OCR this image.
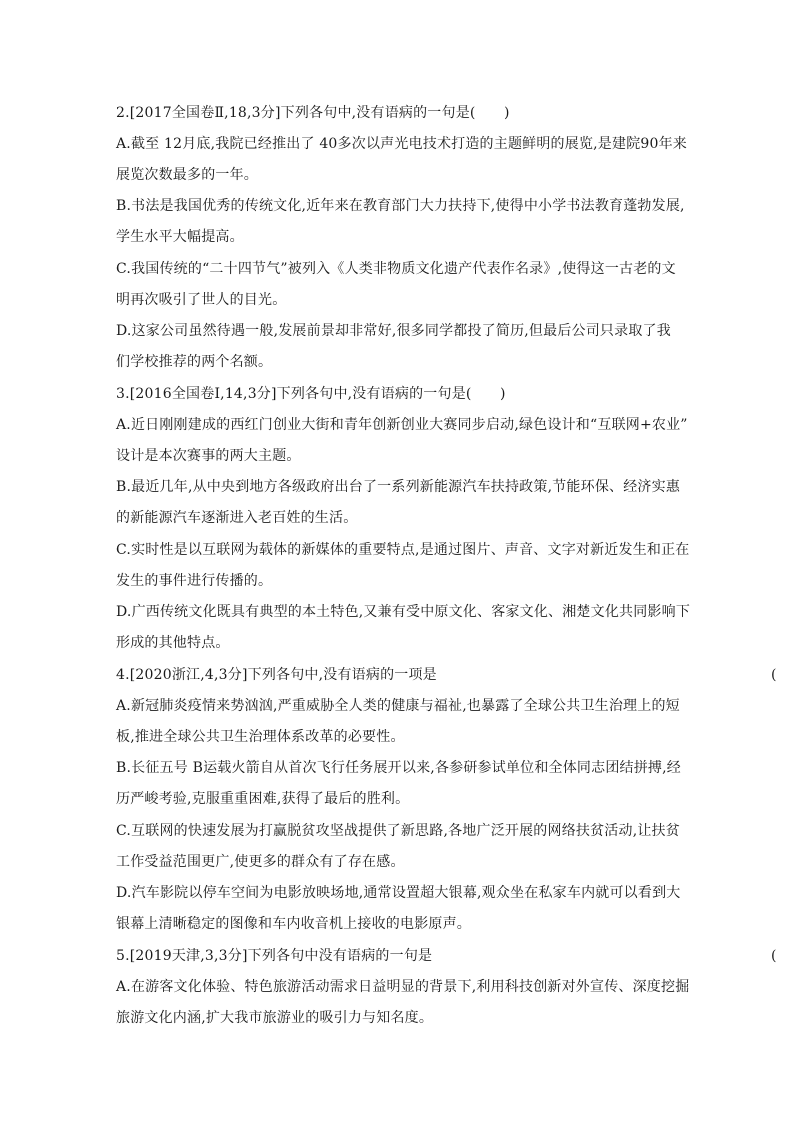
2.[2017全国卷Ⅱ,18,3分]下列各句中,没有语病的一句是(　　)
A.截至 12月底,我院已经推出了 40多次以声光电技术打造的主题鲜明的展览,是建院90年来
展览次数最多的一年。
B.书法是我国优秀的传统文化,近年来在教育部门大力扶持下,使得中小学书法教育蓬勃发展,
学生水平大幅提高。
C.我国传统的“二十四节气”被列入《人类非物质文化遗产代表作名录》,使得这一古老的文
明再次吸引了世人的目光。
D.这家公司虽然待遇一般,发展前景却非常好,很多同学都投了简历,但最后公司只录取了我
们学校推荐的两个名额。
3.[2016全国卷Ⅰ,14,3分]下列各句中,没有语病的一句是(　　)
A.近日刚刚建成的西红门创业大街和青年创新创业大赛同步启动,绿色设计和“互联网+农业”
设计是本次赛事的两大主题。
B.最近几年,从中央到地方各级政府出台了一系列新能源汽车扶持政策,节能环保、经济实惠
的新能源汽车逐渐进入老百姓的生活。
C.实时性是以互联网为载体的新媒体的重要特点,是通过图片、声音、文字对新近发生和正在
发生的事件进行传播的。
D.广西传统文化既具有典型的本土特色,又兼有受中原文化、客家文化、湘楚文化共同影响下
形成的其他特点。
4.[2020浙江,4,3分]下列各句中,没有语病的一项是	(
A.新冠肺炎疫情来势汹汹,严重威胁全人类的健康与福祉,也暴露了全球公共卫生治理上的短
板,推进全球公共卫生治理体系改革的必要性。
B.长征五号 B运载火箭自从首次飞行任务展开以来,各参研参试单位和全体同志团结拼搏,经
历严峻考验,克服重重困难,获得了最后的胜利。
C.互联网的快速发展为打赢脱贫攻坚战提供了新思路,各地广泛开展的网络扶贫活动,让扶贫
工作受益范围更广,使更多的群众有了存在感。
D.汽车影院以停车空间为电影放映场地,通常设置超大银幕,观众坐在私家车内就可以看到大
银幕上清晰稳定的图像和车内收音机上接收的电影原声。
5.[2019天津,3,3分]下列各句中没有语病的一句是	(
A.在游客文化体验、特色旅游活动需求日益明显的背景下,利用科技创新对外宣传、深度挖掘
旅游文化内涵,扩大我市旅游业的吸引力与知名度。
